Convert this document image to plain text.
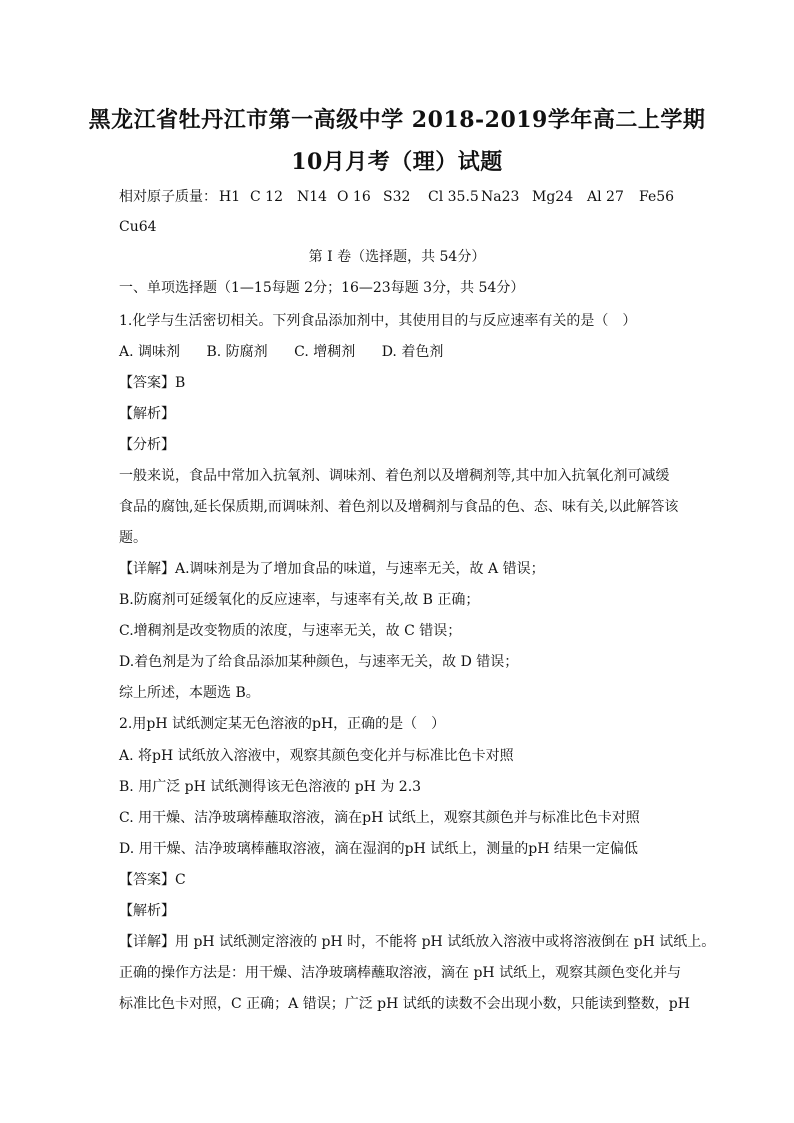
黑龙江省牡丹江市第一高级中学 2018-2019学年高二上学期
10月月考（理）试题
相对原子质量： H1 C 12 N14 O 16 S32 Cl 35.5 Na23 Mg24 Al 27 Fe56
Cu64
第 I 卷（选择题，共 54分）
一、单项选择题（1—15每题 2分；16—23每题 3分，共 54分）
1.化学与生活密切相关。下列食品添加剂中，其使用目的与反应速率有关的是（　）
A. 调味剂 B. 防腐剂 C. 增稠剂 D. 着色剂
【答案】B
【解析】
【分析】
一般来说，食品中常加入抗氧剂、调味剂、着色剂以及增稠剂等,其中加入抗氧化剂可减缓
食品的腐蚀,延长保质期,而调味剂、着色剂以及增稠剂与食品的色、态、味有关,以此解答该
题。
【详解】A.调味剂是为了增加食品的味道，与速率无关，故 A 错误；
B.防腐剂可延缓氧化的反应速率，与速率有关,故 B 正确；
C.增稠剂是改变物质的浓度，与速率无关，故 C 错误；
D.着色剂是为了给食品添加某种颜色，与速率无关，故 D 错误；
综上所述，本题选 B。
2.用pH 试纸测定某无色溶液的pH，正确的是（　）
A. 将pH 试纸放入溶液中，观察其颜色变化并与标准比色卡对照
B. 用广泛 pH 试纸测得该无色溶液的 pH 为 2.3
C. 用干燥、洁净玻璃棒蘸取溶液，滴在pH 试纸上，观察其颜色并与标准比色卡对照
D. 用干燥、洁净玻璃棒蘸取溶液，滴在湿润的pH 试纸上，测量的pH 结果一定偏低
【答案】C
【解析】
【详解】用 pH 试纸测定溶液的 pH 时，不能将 pH 试纸放入溶液中或将溶液倒在 pH 试纸上。
正确的操作方法是：用干燥、洁净玻璃棒蘸取溶液，滴在 pH 试纸上，观察其颜色变化并与
标准比色卡对照，C 正确；A 错误；广泛 pH 试纸的读数不会出现小数，只能读到整数，pH
